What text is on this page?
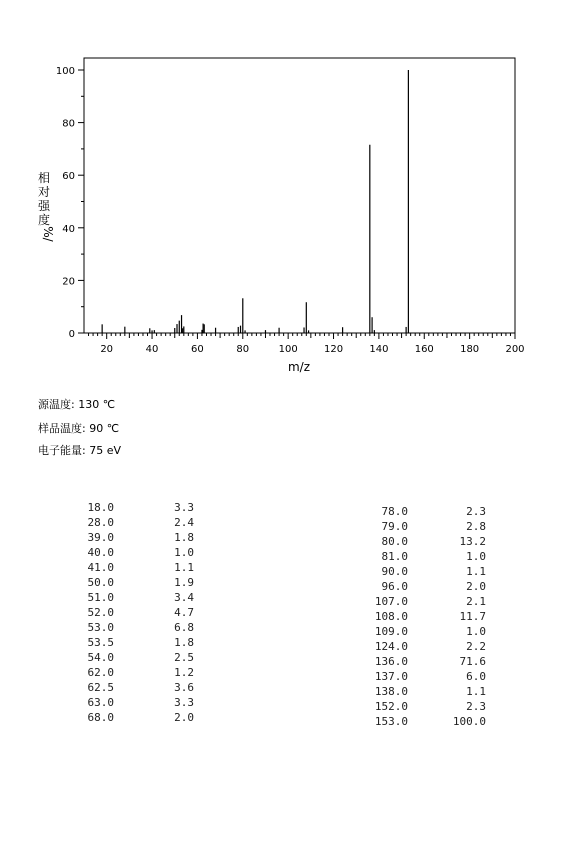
0
20
40
60
80
100
20	40	60	80	100	120	140	160	180	200
m/z
相
对
强
度
%/
源温度: 130 ℃
样品温度: 90 ℃
电子能量: 75 eV
18.0	3.3
28.0	2.4
39.0	1.8
40.0	1.0
41.0	1.1
50.0	1.9
51.0	3.4
52.0	4.7
53.0	6.8
53.5	1.8
54.0	2.5
62.0	1.2
62.5	3.6
63.0	3.3
68.0	2.0
78.0	2.3
79.0	2.8
80.0	13.2
81.0	1.0
90.0	1.1
96.0	2.0
107.0	2.1
108.0	11.7
109.0	1.0
124.0	2.2
136.0	71.6
137.0	6.0
138.0	1.1
152.0	2.3
153.0	100.0
